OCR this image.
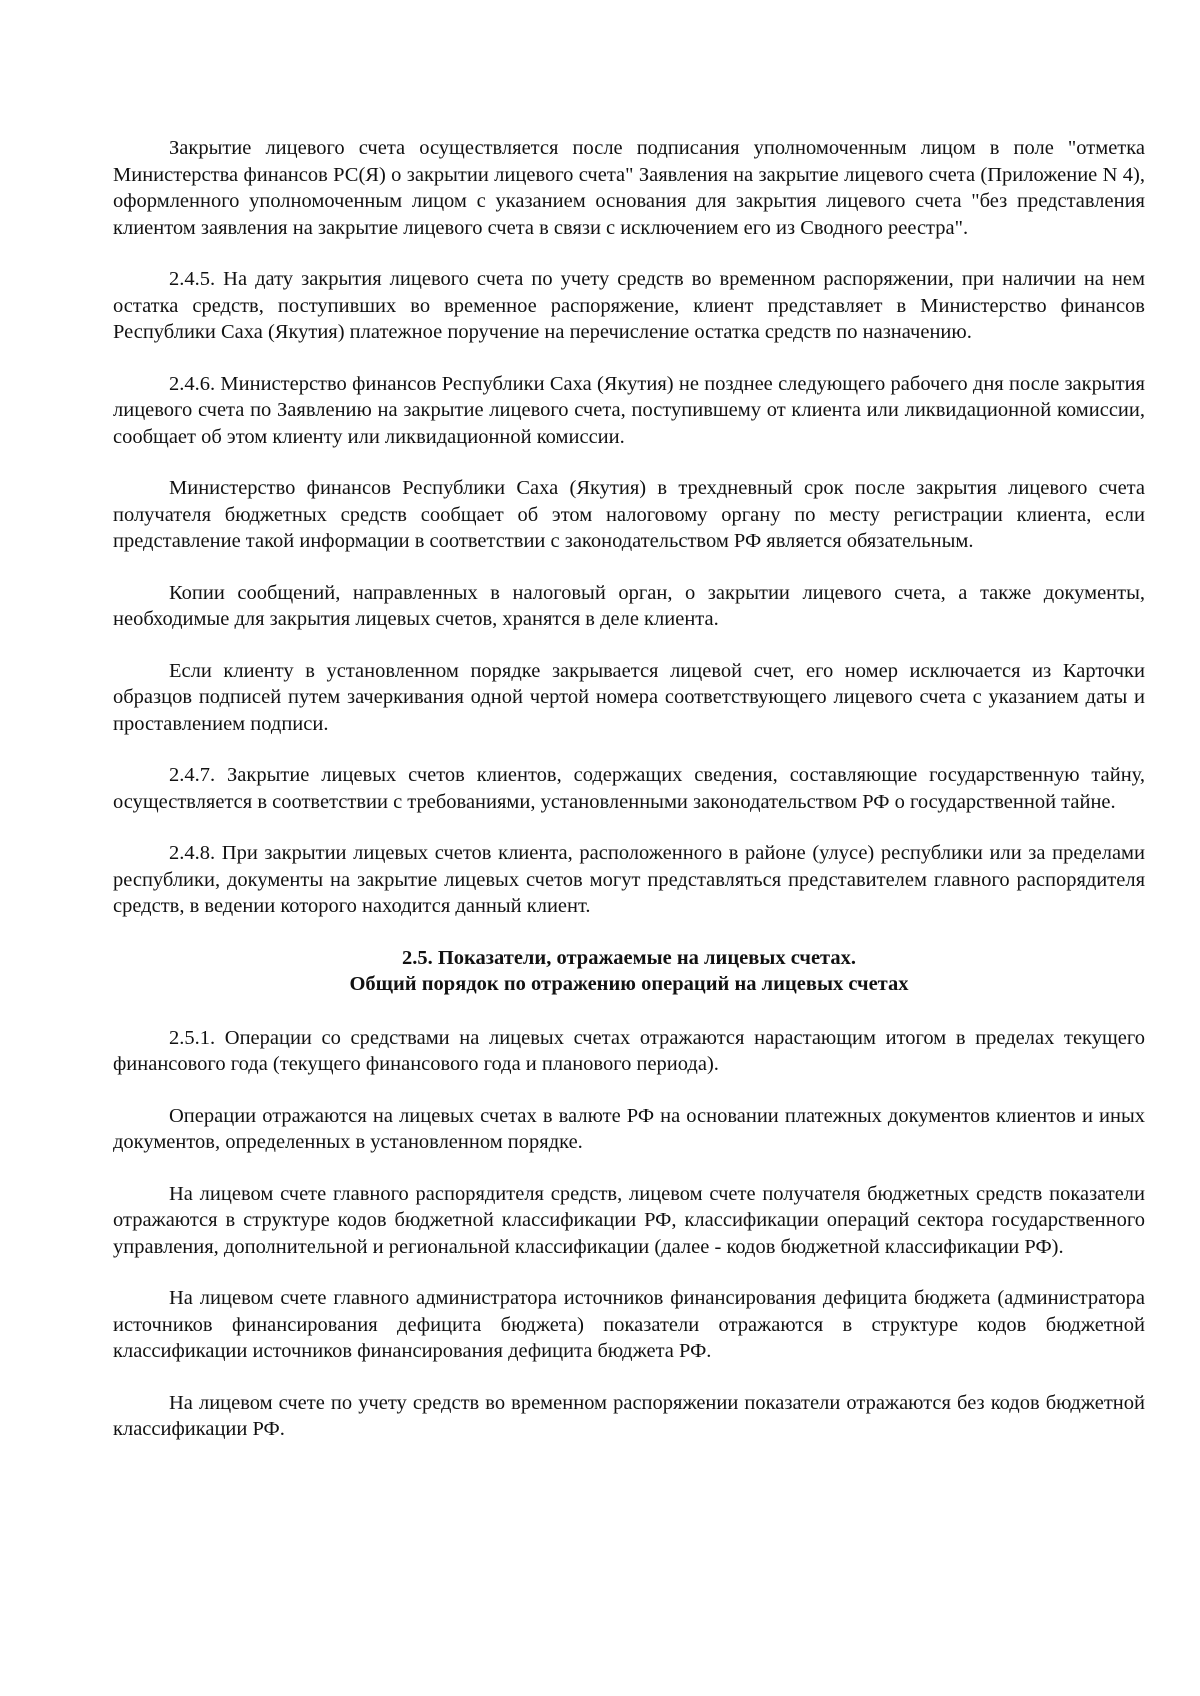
Закрытие лицевого счета осуществляется после подписания уполномоченным лицом в поле "отметка Министерства финансов РС(Я) о закрытии лицевого счета" Заявления на закрытие лицевого счета (Приложение N 4), оформленного уполномоченным лицом с указанием основания для закрытия лицевого счета "без представления клиентом заявления на закрытие лицевого счета в связи с исключением его из Сводного реестра".

2.4.5. На дату закрытия лицевого счета по учету средств во временном распоряжении, при наличии на нем остатка средств, поступивших во временное распоряжение, клиент представляет в Министерство финансов Республики Саха (Якутия) платежное поручение на перечисление остатка средств по назначению.

2.4.6. Министерство финансов Республики Саха (Якутия) не позднее следующего рабочего дня после закрытия лицевого счета по Заявлению на закрытие лицевого счета, поступившему от клиента или ликвидационной комиссии, сообщает об этом клиенту или ликвидационной комиссии.

Министерство финансов Республики Саха (Якутия) в трехдневный срок после закрытия лицевого счета получателя бюджетных средств сообщает об этом налоговому органу по месту регистрации клиента, если представление такой информации в соответствии с законодательством РФ является обязательным.

Копии сообщений, направленных в налоговый орган, о закрытии лицевого счета, а также документы, необходимые для закрытия лицевых счетов, хранятся в деле клиента.

Если клиенту в установленном порядке закрывается лицевой счет, его номер исключается из Карточки образцов подписей путем зачеркивания одной чертой номера соответствующего лицевого счета с указанием даты и проставлением подписи.

2.4.7. Закрытие лицевых счетов клиентов, содержащих сведения, составляющие государственную тайну, осуществляется в соответствии с требованиями, установленными законодательством РФ о государственной тайне.

2.4.8. При закрытии лицевых счетов клиента, расположенного в районе (улусе) республики или за пределами республики, документы на закрытие лицевых счетов могут представляться представителем главного распорядителя средств, в ведении которого находится данный клиент.

2.5. Показатели, отражаемые на лицевых счетах.
Общий порядок по отражению операций на лицевых счетах

2.5.1. Операции со средствами на лицевых счетах отражаются нарастающим итогом в пределах текущего финансового года (текущего финансового года и планового периода).

Операции отражаются на лицевых счетах в валюте РФ на основании платежных документов клиентов и иных документов, определенных в установленном порядке.

На лицевом счете главного распорядителя средств, лицевом счете получателя бюджетных средств показатели отражаются в структуре кодов бюджетной классификации РФ, классификации операций сектора государственного управления, дополнительной и региональной классификации (далее - кодов бюджетной классификации РФ).

На лицевом счете главного администратора источников финансирования дефицита бюджета (администратора источников финансирования дефицита бюджета) показатели отражаются в структуре кодов бюджетной классификации источников финансирования дефицита бюджета РФ.

На лицевом счете по учету средств во временном распоряжении показатели отражаются без кодов бюджетной классификации РФ.
